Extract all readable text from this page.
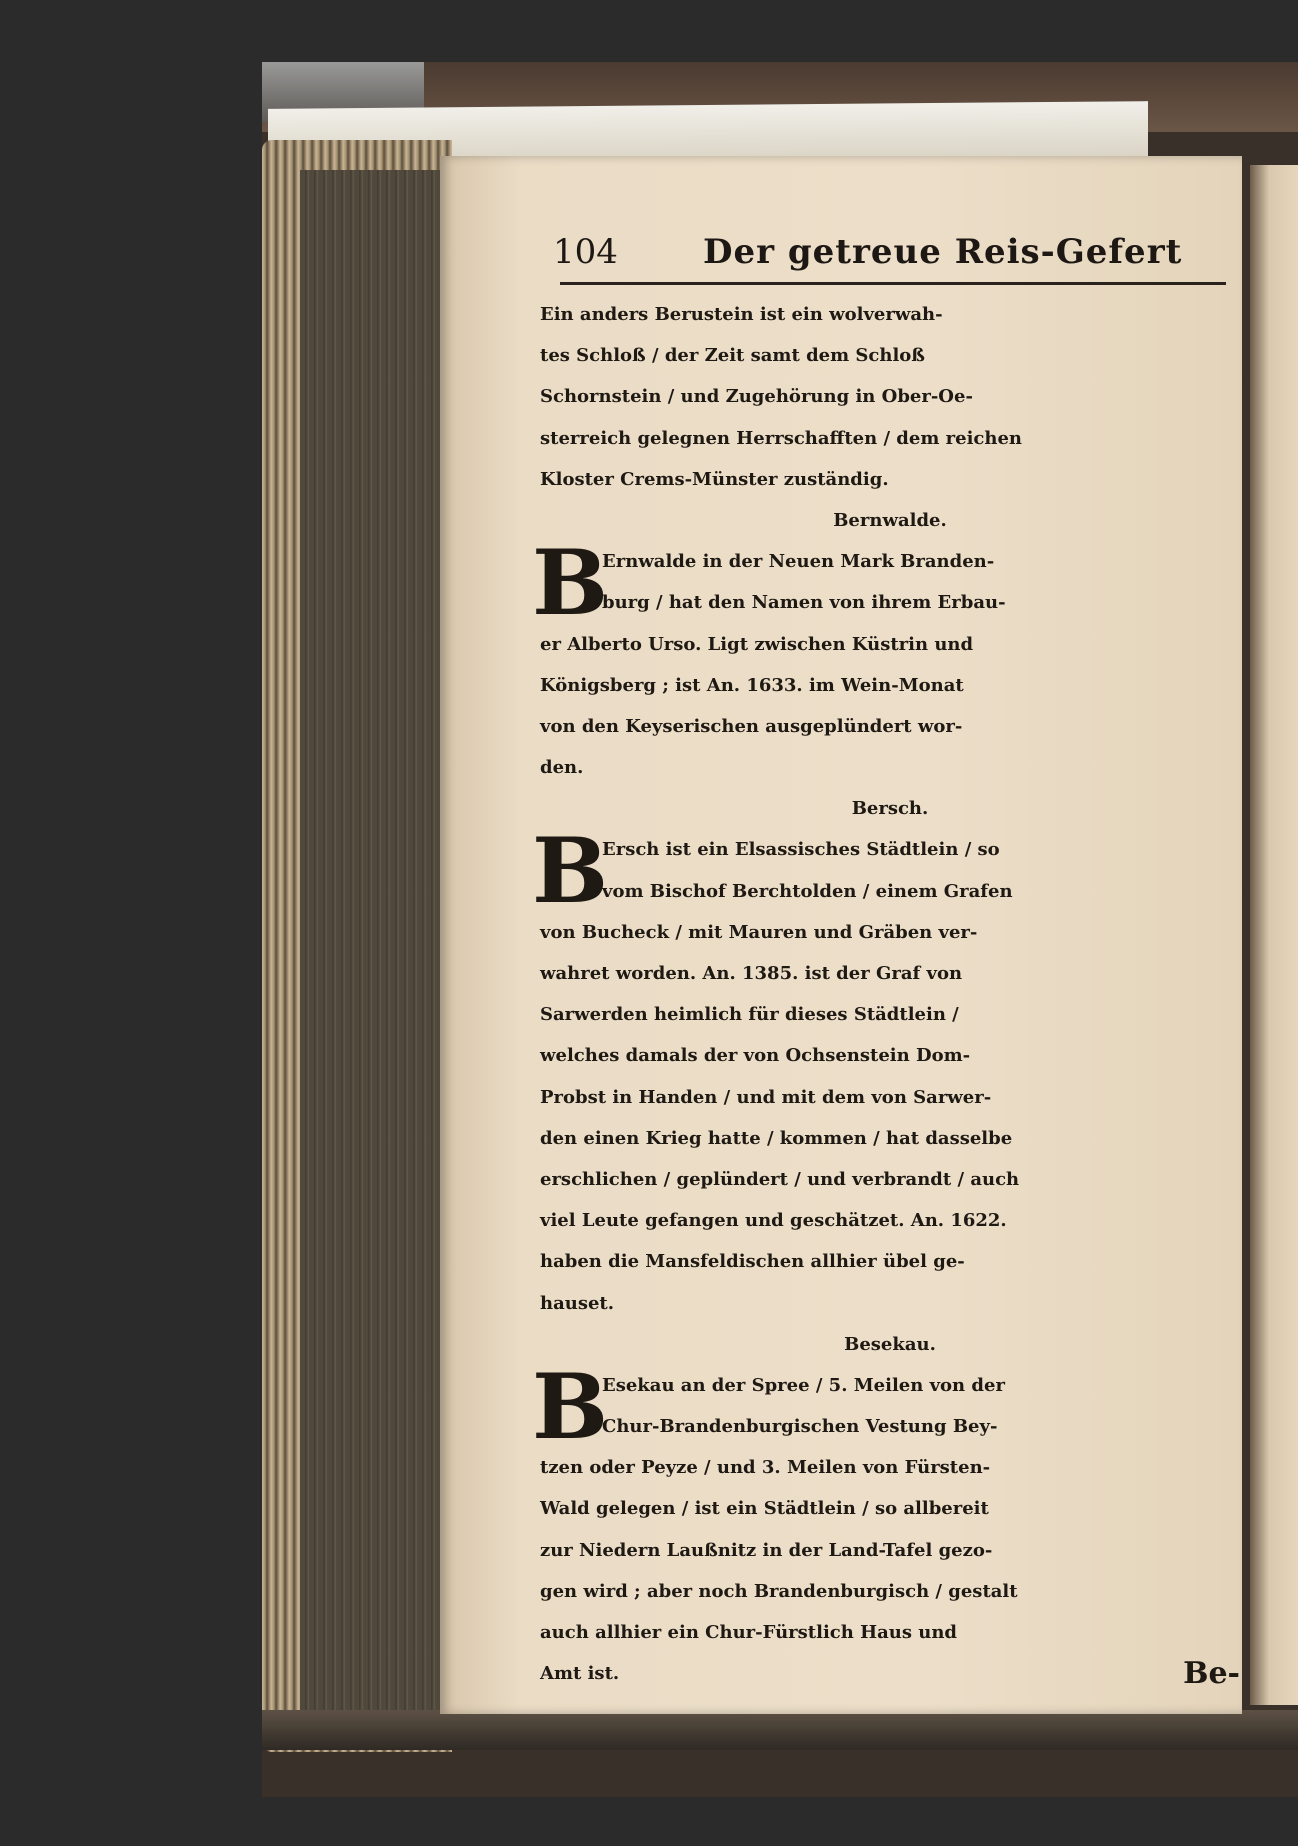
104	Der getreue Reis-Gefert
Ein anders Berustein ist ein wolverwah-
tes Schloß / der Zeit samt dem Schloß
Schornstein / und Zugehörung in Ober-Oe-
sterreich gelegnen Herrschafften / dem reichen
Kloster Crems-Münster zuständig.
Bernwalde.
B
Ernwalde in der Neuen Mark Branden-
burg / hat den Namen von ihrem Erbau-
er Alberto Urso. Ligt zwischen Küstrin und
Königsberg ; ist An. 1633. im Wein-Monat
von den Keyserischen ausgeplündert wor-
den.
Bersch.
B
Ersch ist ein Elsassisches Städtlein / so
vom Bischof Berchtolden / einem Grafen
von Bucheck / mit Mauren und Gräben ver-
wahret worden. An. 1385. ist der Graf von
Sarwerden heimlich für dieses Städtlein /
welches damals der von Ochsenstein Dom-
Probst in Handen / und mit dem von Sarwer-
den einen Krieg hatte / kommen / hat dasselbe
erschlichen / geplündert / und verbrandt / auch
viel Leute gefangen und geschätzet. An. 1622.
haben die Mansfeldischen allhier übel ge-
hauset.
Besekau.
B
Esekau an der Spree / 5. Meilen von der
Chur-Brandenburgischen Vestung Bey-
tzen oder Peyze / und 3. Meilen von Fürsten-
Wald gelegen / ist ein Städtlein / so allbereit
zur Niedern Laußnitz in der Land-Tafel gezo-
gen wird ; aber noch Brandenburgisch / gestalt
auch allhier ein Chur-Fürstlich Haus und
Amt ist.	Be-
